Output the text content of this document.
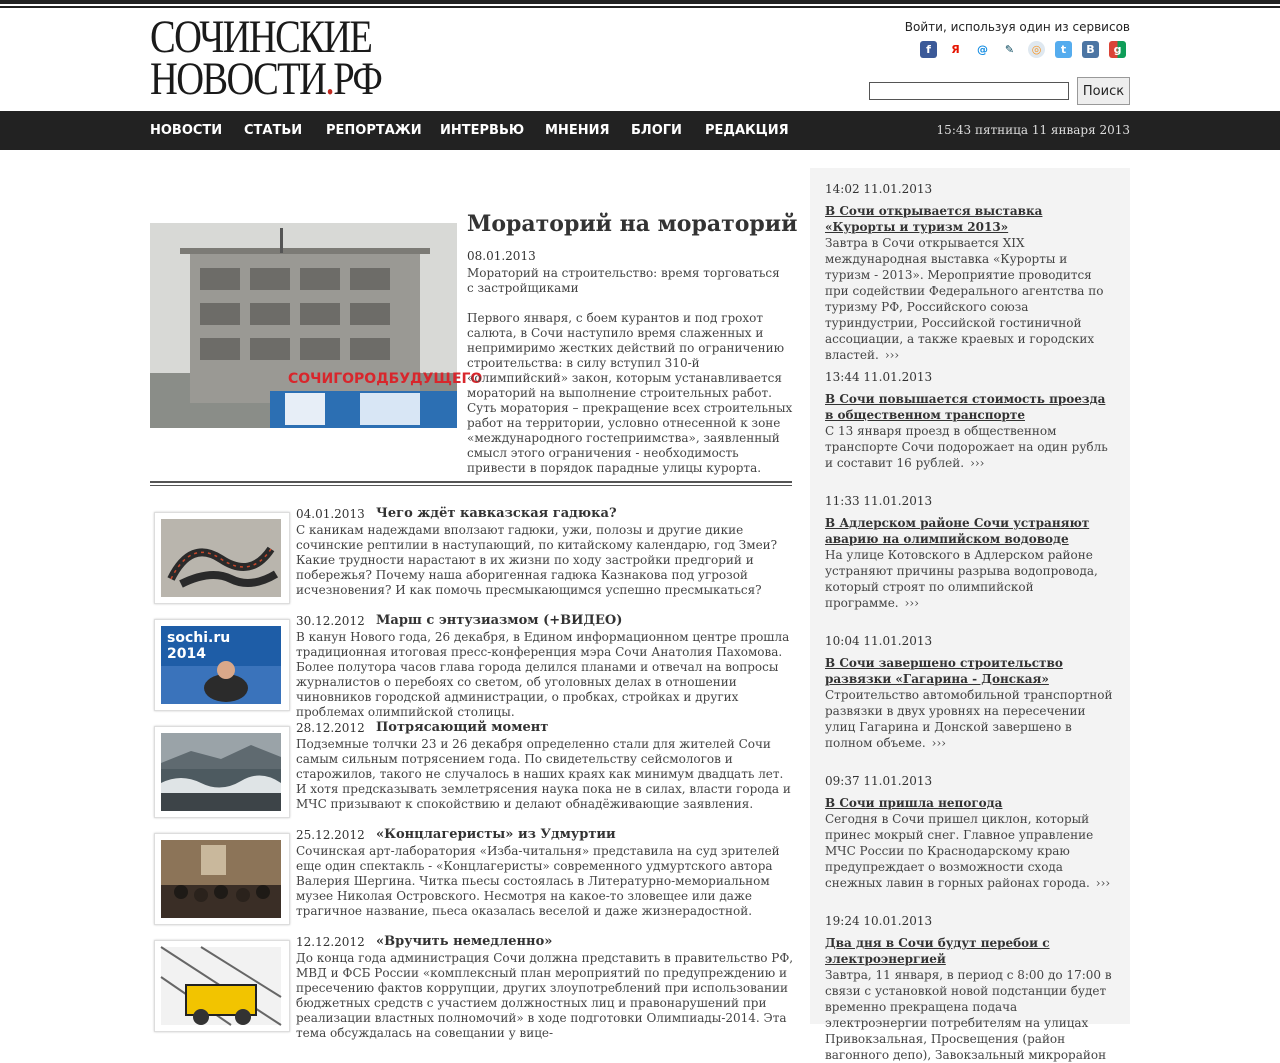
СОЧИНСКИЕ
НОВОСТИ.РФ
Войти, используя один из сервисов
f	Я	@	✎	◎	t	В	g
Поиск
НОВОСТИ СТАТЬИ РЕПОРТАЖИ ИНТЕРВЬЮ МНЕНИЯ БЛОГИ РЕДАКЦИЯ	15:43 пятница 11 января 2013
СОЧИГОРОДБУДУЩЕГО
Мораторий на мораторий
08.01.2013
Мораторий на строительство: время торговаться с застройщиками
Первого января, с боем курантов и под грохот салюта, в Сочи наступило время слаженных и непримиримо жестких действий по ограничению строительства: в силу вступил 310-й «олимпийский» закон, которым устанавливается мораторий на выполнение строительных работ. Суть моратория – прекращение всех строительных работ на территории, условно отнесенной к зоне «международного гостеприимства», заявленный смысл этого ограничения - необходимость привести в порядок парадные улицы курорта.
04.01.2013 Чего ждёт кавказская гадюка?
С каникам надеждами вползают гадюки, ужи, полозы и другие дикие сочинские рептилии в наступающий, по китайскому календарю, год Змеи? Какие трудности нарастают в их жизни по ходу застройки предгорий и побережья? Почему наша аборигенная гадюка Казнакова под угрозой исчезновения? И как помочь пресмыкающимся успешно пресмыкаться?
sochi.ru
2014
30.12.2012 Марш с энтузиазмом (+ВИДЕО)
В канун Нового года, 26 декабря, в Едином информационном центре прошла традиционная итоговая пресс-конференция мэра Сочи Анатолия Пахомова. Более полутора часов глава города делился планами и отвечал на вопросы журналистов о перебоях со светом, об уголовных делах в отношении чиновников городской администрации, о пробках, стройках и других проблемах олимпийской столицы.
28.12.2012 Потрясающий момент
Подземные толчки 23 и 26 декабря определенно стали для жителей Сочи самым сильным потрясением года. По свидетельству сейсмологов и старожилов, такого не случалось в наших краях как минимум двадцать лет. И хотя предсказывать землетрясения наука пока не в силах, власти города и МЧС призывают к спокойствию и делают обнадёживающие заявления.
25.12.2012 «Концлагеристы» из Удмуртии
Сочинская арт-лаборатория «Изба-читальня» представила на суд зрителей еще один спектакль - «Концлагеристы» современного удмуртского автора Валерия Шергина. Читка пьесы состоялась в Литературно-мемориальном музее Николая Островского. Несмотря на какое-то зловещее или даже трагичное название, пьеса оказалась веселой и даже жизнерадостной.
12.12.2012 «Вручить немедленно»
До конца года администрация Сочи должна представить в правительство РФ, МВД и ФСБ России «комплексный план мероприятий по предупреждению и пресечению фактов коррупции, других злоупотреблений при использовании бюджетных средств с участием должностных лиц и правонарушений при реализации властных полномочий» в ходе подготовки Олимпиады-2014. Эта тема обсуждалась на совещании у вице-
14:02 11.01.2013
В Сочи открывается выставка «Курорты и туризм 2013»
Завтра в Сочи открывается XIX международная выставка «Курорты и туризм - 2013». Мероприятие проводится при содействии Федерального агентства по туризму РФ, Российского союза туриндустрии, Российской гостиничной ассоциации, а также краевых и городских властей. ›››
13:44 11.01.2013
В Сочи повышается стоимость проезда в общественном транспорте
С 13 января проезд в общественном транспорте Сочи подорожает на один рубль и составит 16 рублей. ›››
11:33 11.01.2013
В Адлерском районе Сочи устраняют аварию на олимпийском водоводе
На улице Котовского в Адлерском районе устраняют причины разрыва водопровода, который строят по олимпийской программе. ›››
10:04 11.01.2013
В Сочи завершено строительство развязки «Гагарина - Донская»
Строительство автомобильной транспортной развязки в двух уровнях на пересечении улиц Гагарина и Донской завершено в полном объеме. ›››
09:37 11.01.2013
В Сочи пришла непогода
Сегодня в Сочи пришел циклон, который принес мокрый снег. Главное управление МЧС России по Краснодарскому краю предупреждает о возможности схода снежных лавин в горных районах города. ›››
19:24 10.01.2013
Два дня в Сочи будут перебои с электроэнергией
Завтра, 11 января, в период с 8:00 до 17:00 в связи с установкой новой подстанции будет временно прекращена подача электроэнергии потребителям на улицах Привокзальная, Просвещения (район вагонного депо), Завокзальный микрорайон
